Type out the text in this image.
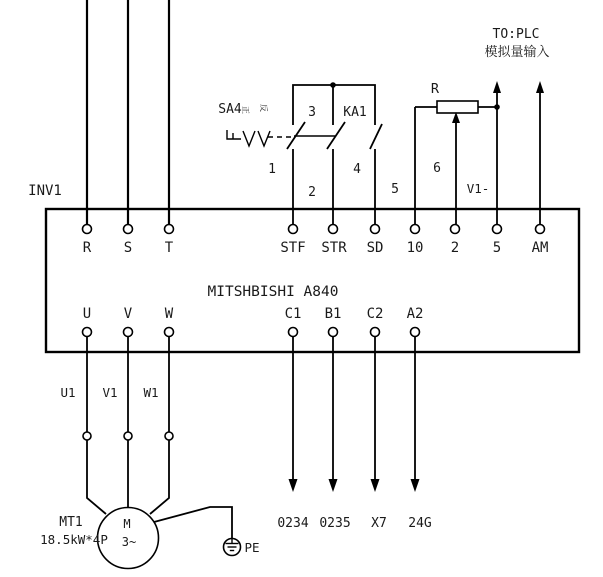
TO:PLC
模拟量输入
SA4 正 反	KA1
1
2
3
4
5
6
V1-
R
INV1
MITSHBISHI A840
R S T	STF STR SD 10 2 5 AM
U V W	C1 B1 C2 A2
U1 V1 W1
M
3~
MT1
18.5kW*4P
PE
0234 0235 X7 24G
